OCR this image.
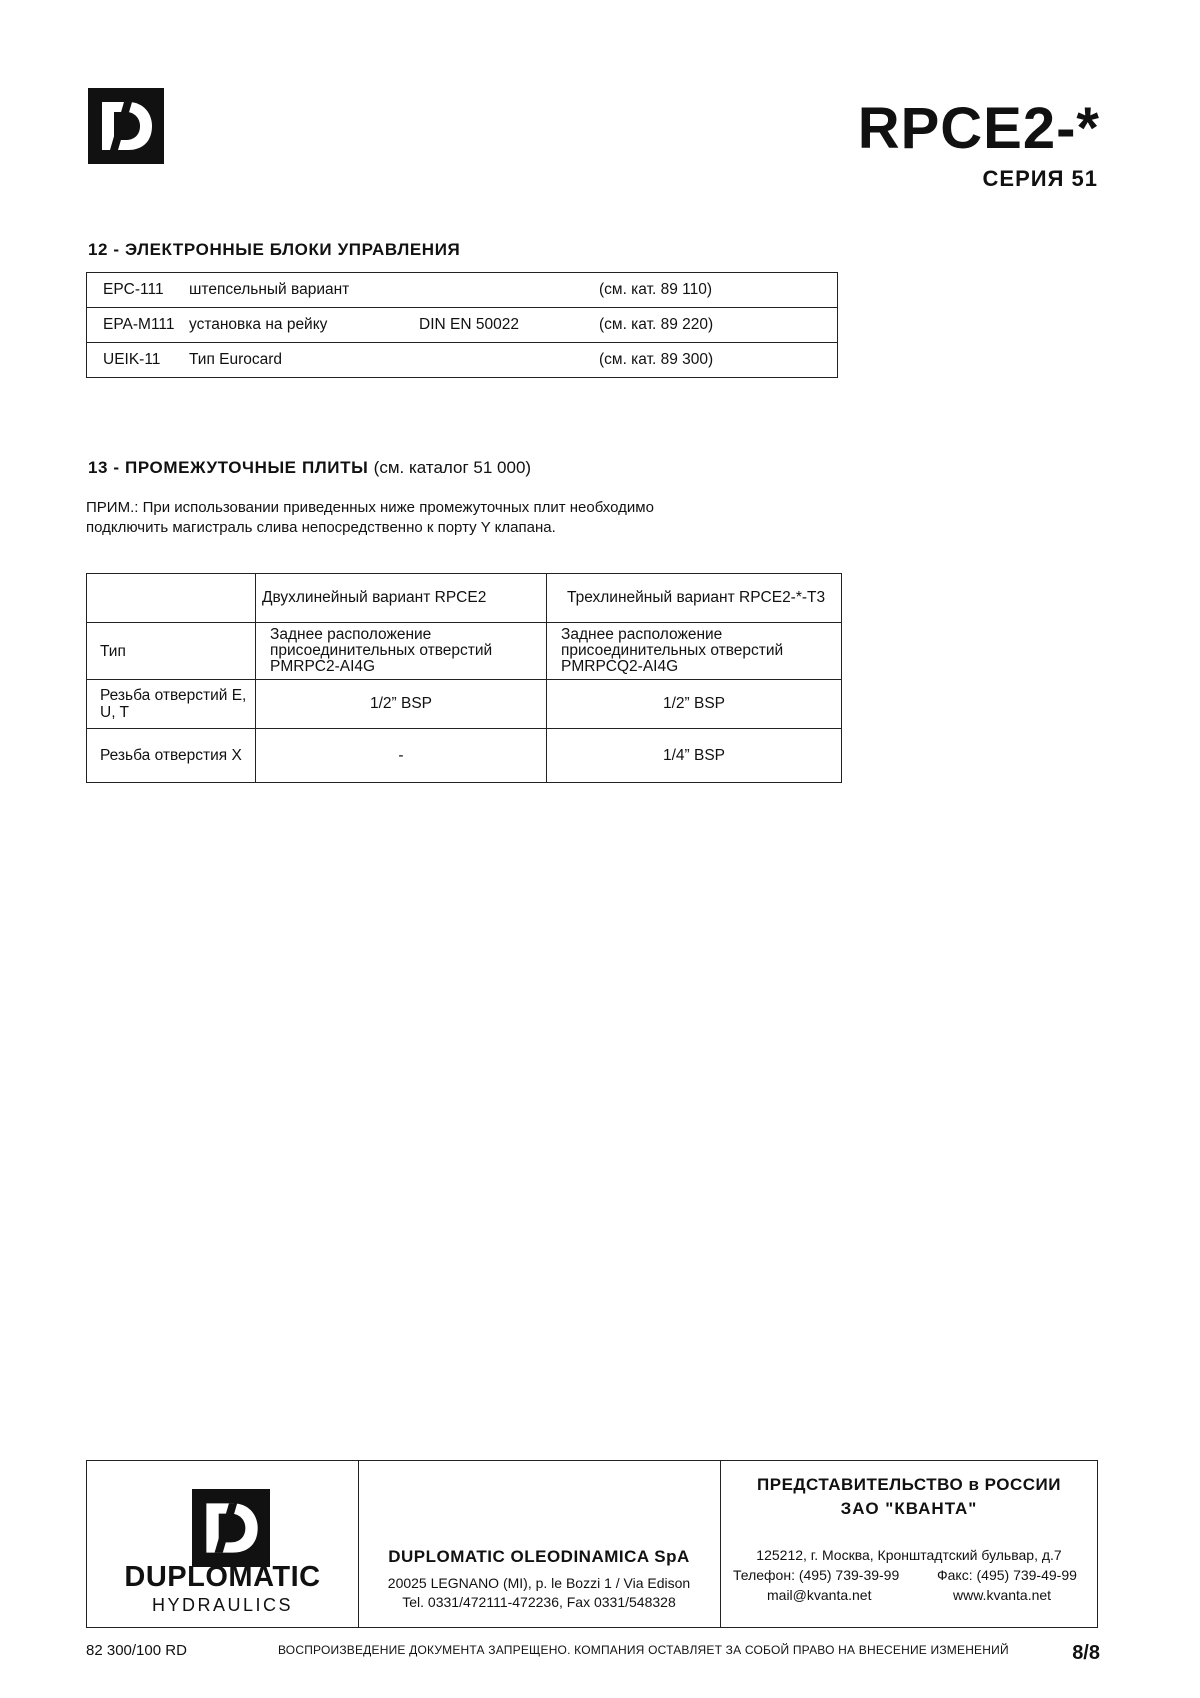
RPCE2-*
СЕРИЯ 51
12 - ЭЛЕКТРОННЫЕ БЛОКИ УПРАВЛЕНИЯ
EPC-111	штепсельный вариант		(см. кат. 89 110)
EPA-M111	установка на рейку	DIN EN 50022	(см. кат. 89 220)
UEIK-11	Тип Eurocard		(см. кат. 89 300)
13 - ПРОМЕЖУТОЧНЫЕ ПЛИТЫ (см. каталог 51 000)
ПРИМ.: При использовании приведенных ниже промежуточных плит необходимо подключить магистраль слива непосредственно к порту Y клапана.
	Двухлинейный вариант RPCE2	Трехлинейный вариант RPCE2-*-T3
Тип	Заднее расположение присоединительных отверстий PMRPC2-AI4G	Заднее расположение присоединительных отверстий PMRPCQ2-AI4G
Резьба отверстий E, U, T	1/2” BSP	1/2” BSP
Резьба отверстия X	-	1/4” BSP
DUPLOMATIC
HYDRAULICS
DUPLOMATIC OLEODINAMICA SpA
20025 LEGNANO (MI), p. le Bozzi 1 / Via Edison
Tel. 0331/472111-472236, Fax 0331/548328
ПРЕДСТАВИТЕЛЬСТВО в РОССИИ
ЗАО "КВАНТА"
125212, г. Москва, Кронштадтский бульвар, д.7
Телефон: (495) 739-39-99	Факс: (495) 739-49-99
mail@kvanta.net	www.kvanta.net
82 300/100 RD	ВОСПРОИЗВЕДЕНИЕ ДОКУМЕНТА ЗАПРЕЩЕНО. КОМПАНИЯ ОСТАВЛЯЕТ ЗА СОБОЙ ПРАВО НА ВНЕСЕНИЕ ИЗМЕНЕНИЙ	8/8
